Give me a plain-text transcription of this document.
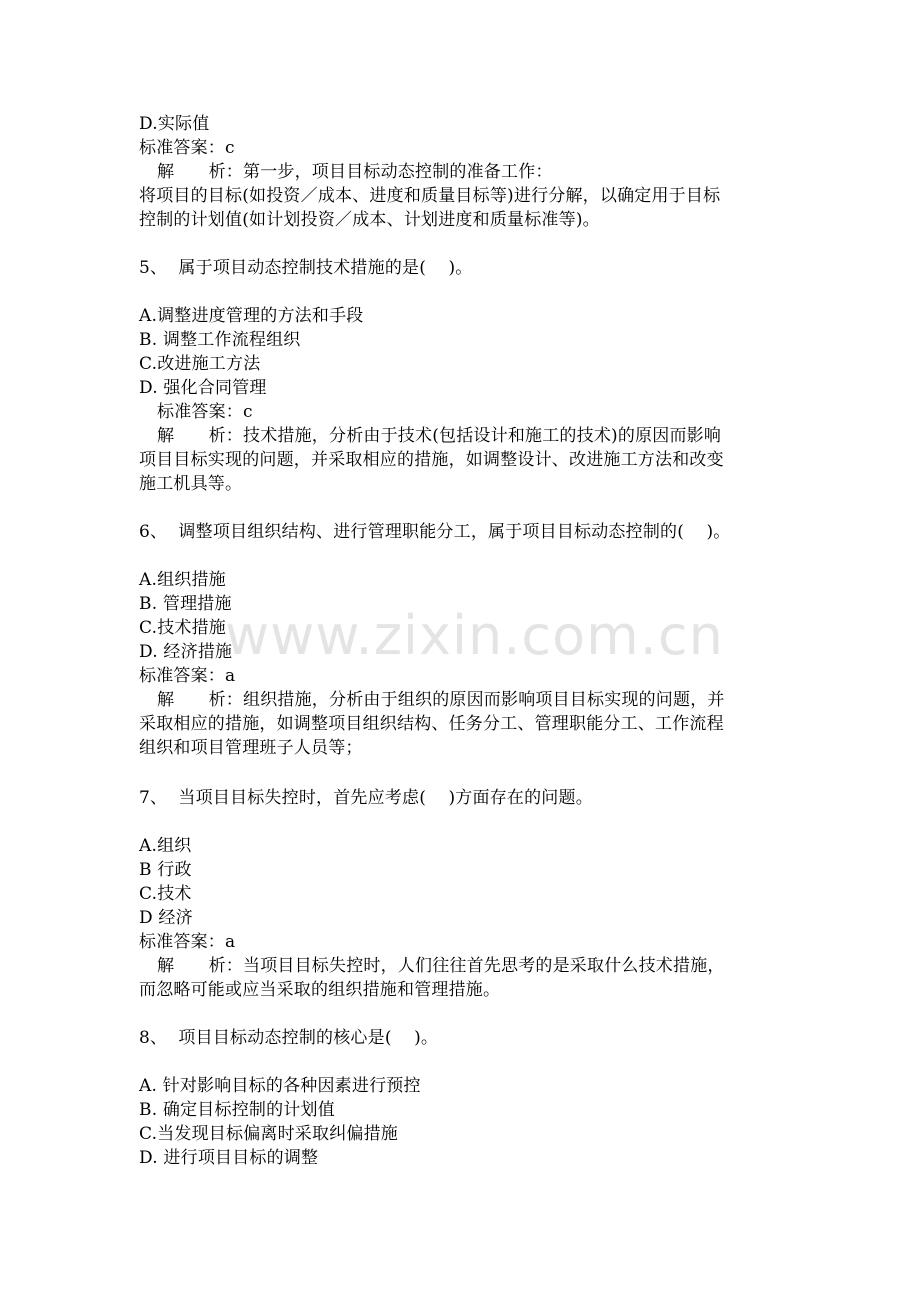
D.实际值
标准答案：c
解　　析：第一步，项目目标动态控制的准备工作：
将项目的目标(如投资／成本、进度和质量目标等)进行分解，以确定用于目标
控制的计划值(如计划投资／成本、计划进度和质量标准等)。
5、  属于项目动态控制技术措施的是(    )。
A.调整进度管理的方法和手段
B. 调整工作流程组织
C.改进施工方法
D. 强化合同管理
标准答案：c
解　　析：技术措施，分析由于技术(包括设计和施工的技术)的原因而影响
项目目标实现的问题，并采取相应的措施，如调整设计、改进施工方法和改变
施工机具等。
6、  调整项目组织结构、进行管理职能分工，属于项目目标动态控制的(    )。
A.组织措施
B. 管理措施
C.技术措施
D. 经济措施
标准答案：a
解　　析：组织措施，分析由于组织的原因而影响项目目标实现的问题，并
采取相应的措施，如调整项目组织结构、任务分工、管理职能分工、工作流程
组织和项目管理班子人员等；
7、  当项目目标失控时，首先应考虑(    )方面存在的问题。
A.组织
B 行政
C.技术
D 经济
标准答案：a
解　　析：当项目目标失控时，人们往往首先思考的是采取什么技术措施，
而忽略可能或应当采取的组织措施和管理措施。
8、  项目目标动态控制的核心是(    )。
A. 针对影响目标的各种因素进行预控
B. 确定目标控制的计划值
C.当发现目标偏离时采取纠偏措施
D. 进行项目目标的调整
www.zixin.com.cn
